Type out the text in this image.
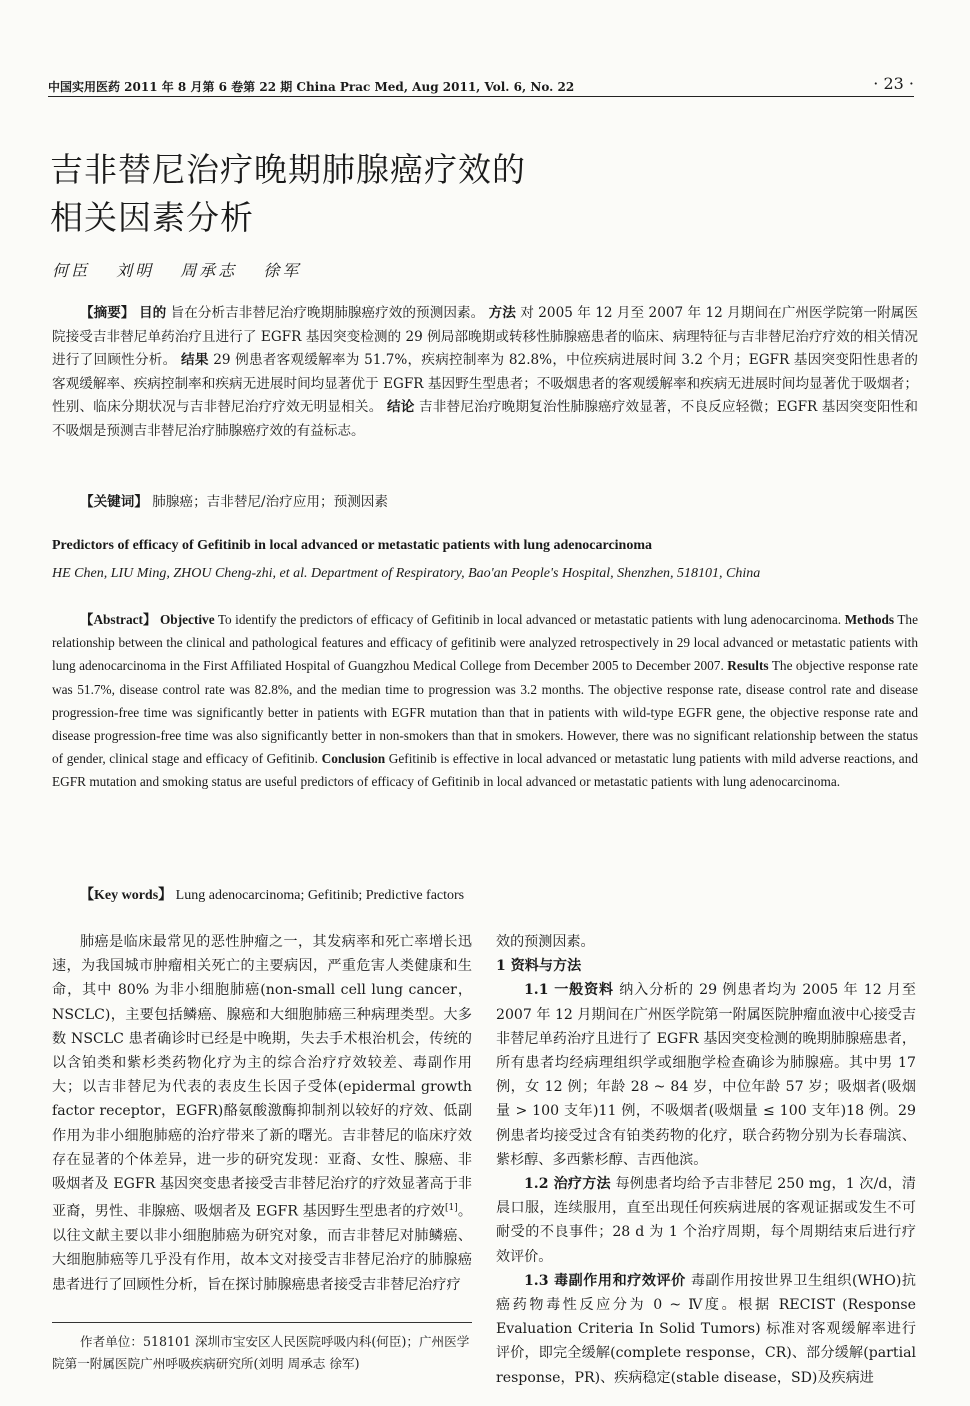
中国实用医药 2011 年 8 月第 6 卷第 22 期 China Prac Med, Aug 2011, Vol. 6, No. 22	· 23 ·
吉非替尼治疗晚期肺腺癌疗效的
相关因素分析
何臣 刘明 周承志 徐军
【摘要】 目的 旨在分析吉非替尼治疗晚期肺腺癌疗效的预测因素。 方法 对 2005 年 12 月至 2007 年 12 月期间在广州医学院第一附属医院接受吉非替尼单药治疗且进行了 EGFR 基因突变检测的 29 例局部晚期或转移性肺腺癌患者的临床、病理特征与吉非替尼治疗疗效的相关情况进行了回顾性分析。 结果 29 例患者客观缓解率为 51.7%，疾病控制率为 82.8%，中位疾病进展时间 3.2 个月；EGFR 基因突变阳性患者的客观缓解率、疾病控制率和疾病无进展时间均显著优于 EGFR 基因野生型患者；不吸烟患者的客观缓解率和疾病无进展时间均显著优于吸烟者；性别、临床分期状况与吉非替尼治疗疗效无明显相关。 结论 吉非替尼治疗晚期复治性肺腺癌疗效显著，不良反应轻微；EGFR 基因突变阳性和不吸烟是预测吉非替尼治疗肺腺癌疗效的有益标志。
【关键词】 肺腺癌；吉非替尼/治疗应用；预测因素
Predictors of efficacy of Gefitinib in local advanced or metastatic patients with lung adenocarcinoma
HE Chen, LIU Ming, ZHOU Cheng-zhi, et al. Department of Respiratory, Bao'an People's Hospital, Shenzhen, 518101, China
【Abstract】 Objective To identify the predictors of efficacy of Gefitinib in local advanced or metastatic patients with lung adenocarcinoma. Methods The relationship between the clinical and pathological features and efficacy of gefitinib were analyzed retrospectively in 29 local advanced or metastatic patients with lung adenocarcinoma in the First Affiliated Hospital of Guangzhou Medical College from December 2005 to December 2007. Results The objective response rate was 51.7%, disease control rate was 82.8%, and the median time to progression was 3.2 months. The objective response rate, disease control rate and disease progression-free time was significantly better in patients with EGFR mutation than that in patients with wild-type EGFR gene, the objective response rate and disease progression-free time was also significantly better in non-smokers than that in smokers. However, there was no significant relationship between the status of gender, clinical stage and efficacy of Gefitinib. Conclusion Gefitinib is effective in local advanced or metastatic lung patients with mild adverse reactions, and EGFR mutation and smoking status are useful predictors of efficacy of Gefitinib in local advanced or metastatic patients with lung adenocarcinoma.
【Key words】 Lung adenocarcinoma; Gefitinib; Predictive factors

肺癌是临床最常见的恶性肿瘤之一，其发病率和死亡率增长迅速，为我国城市肿瘤相关死亡的主要病因，严重危害人类健康和生命，其中 80% 为非小细胞肺癌(non-small cell lung cancer，NSCLC)，主要包括鳞癌、腺癌和大细胞肺癌三种病理类型。大多数 NSCLC 患者确诊时已经是中晚期，失去手术根治机会，传统的以含铂类和紫杉类药物化疗为主的综合治疗疗效较差、毒副作用大；以吉非替尼为代表的表皮生长因子受体(epidermal growth factor receptor，EGFR)酪氨酸激酶抑制剂以较好的疗效、低副作用为非小细胞肺癌的治疗带来了新的曙光。吉非替尼的临床疗效存在显著的个体差异，进一步的研究发现：亚裔、女性、腺癌、非吸烟者及 EGFR 基因突变患者接受吉非替尼治疗的疗效显著高于非亚裔，男性、非腺癌、吸烟者及 EGFR 基因野生型患者的疗效[1]。以往文献主要以非小细胞肺癌为研究对象，而吉非替尼对肺鳞癌、大细胞肺癌等几乎没有作用，故本文对接受吉非替尼治疗的肺腺癌患者进行了回顾性分析，旨在探讨肺腺癌患者接受吉非替尼治疗疗

效的预测因素。

1 资料与方法

1.1 一般资料 纳入分析的 29 例患者均为 2005 年 12 月至 2007 年 12 月期间在广州医学院第一附属医院肿瘤血液中心接受吉非替尼单药治疗且进行了 EGFR 基因突变检测的晚期肺腺癌患者，所有患者均经病理组织学或细胞学检查确诊为肺腺癌。其中男 17 例，女 12 例；年龄 28 ~ 84 岁，中位年龄 57 岁；吸烟者(吸烟量 > 100 支年)11 例，不吸烟者(吸烟量 ≤ 100 支年)18 例。29 例患者均接受过含有铂类药物的化疗，联合药物分别为长春瑞滨、紫杉醇、多西紫杉醇、吉西他滨。

1.2 治疗方法 每例患者均给予吉非替尼 250 mg，1 次/d，清晨口服，连续服用，直至出现任何疾病进展的客观证据或发生不可耐受的不良事件；28 d 为 1 个治疗周期，每个周期结束后进行疗效评价。

1.3 毒副作用和疗效评价 毒副作用按世界卫生组织(WHO)抗癌药物毒性反应分为 0 ~ Ⅳ度。根据 RECIST (Response Evaluation Criteria In Solid Tumors) 标准对客观缓解率进行评价，即完全缓解(complete response，CR)、部分缓解(partial response，PR)、疾病稳定(stable disease，SD)及疾病进

作者单位：518101 深圳市宝安区人民医院呼吸内科(何臣)；广州医学院第一附属医院广州呼吸疾病研究所(刘明 周承志 徐军)
